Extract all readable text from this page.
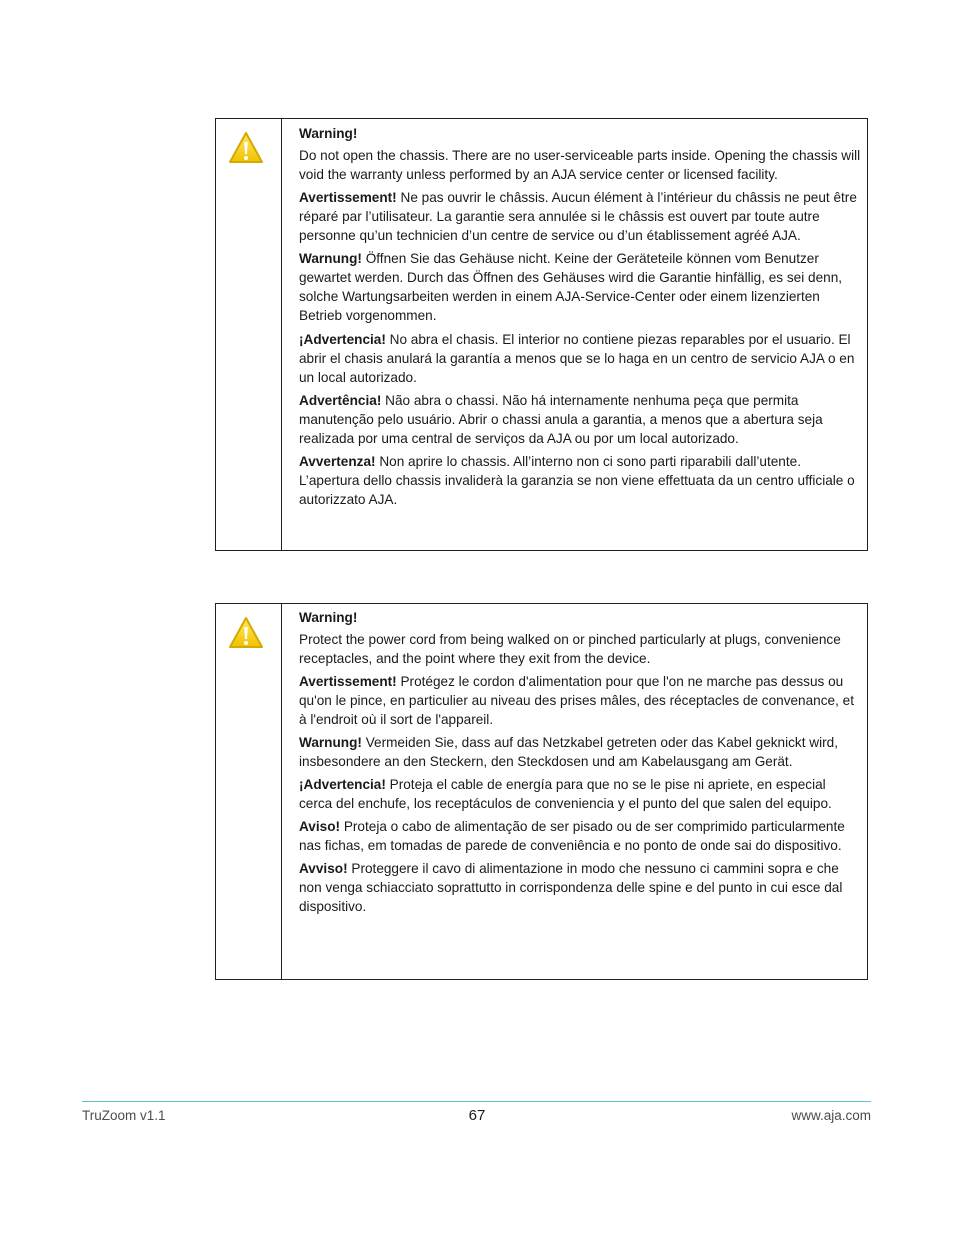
Warning!

Do not open the chassis. There are no user-serviceable parts inside. Opening the chassis will void the warranty unless performed by an AJA service center or licensed facility.

Avertissement! Ne pas ouvrir le châssis. Aucun élément à l’intérieur du châssis ne peut être réparé par l’utilisateur. La garantie sera annulée si le châssis est ouvert par toute autre personne qu’un technicien d’un centre de service ou d’un établissement agréé AJA.

Warnung! Öffnen Sie das Gehäuse nicht. Keine der Geräteteile können vom Benutzer gewartet werden. Durch das Öffnen des Gehäuses wird die Garantie hinfällig, es sei denn, solche Wartungsarbeiten werden in einem AJA-Service-Center oder einem lizenzierten Betrieb vorgenommen.

¡Advertencia! No abra el chasis. El interior no contiene piezas reparables por el usuario. El abrir el chasis anulará la garantía a menos que se lo haga en un centro de servicio AJA o en un local autorizado.

Advertência! Não abra o chassi. Não há internamente nenhuma peça que permita manutenção pelo usuário. Abrir o chassi anula a garantia, a menos que a abertura seja realizada por uma central de serviços da AJA ou por um local autorizado.

Avvertenza! Non aprire lo chassis. All’interno non ci sono parti riparabili dall’utente. L’apertura dello chassis invaliderà la garanzia se non viene effettuata da un centro ufficiale o autorizzato AJA.

Warning!

Protect the power cord from being walked on or pinched particularly at plugs, convenience receptacles, and the point where they exit from the device.

Avertissement! Protégez le cordon d'alimentation pour que l'on ne marche pas dessus ou qu'on le pince, en particulier au niveau des prises mâles, des réceptacles de convenance, et à l'endroit où il sort de l'appareil.

Warnung! Vermeiden Sie, dass auf das Netzkabel getreten oder das Kabel geknickt wird, insbesondere an den Steckern, den Steckdosen und am Kabelausgang am Gerät.

¡Advertencia! Proteja el cable de energía para que no se le pise ni apriete, en especial cerca del enchufe, los receptáculos de conveniencia y el punto del que salen del equipo.

Aviso! Proteja o cabo de alimentação de ser pisado ou de ser comprimido particularmente nas fichas, em tomadas de parede de conveniência e no ponto de onde sai do dispositivo.

Avviso! Proteggere il cavo di alimentazione in modo che nessuno ci cammini sopra e che non venga schiacciato soprattutto in corrispondenza delle spine e del punto in cui esce dal dispositivo.

TruZoom v1.1	67	www.aja.com
